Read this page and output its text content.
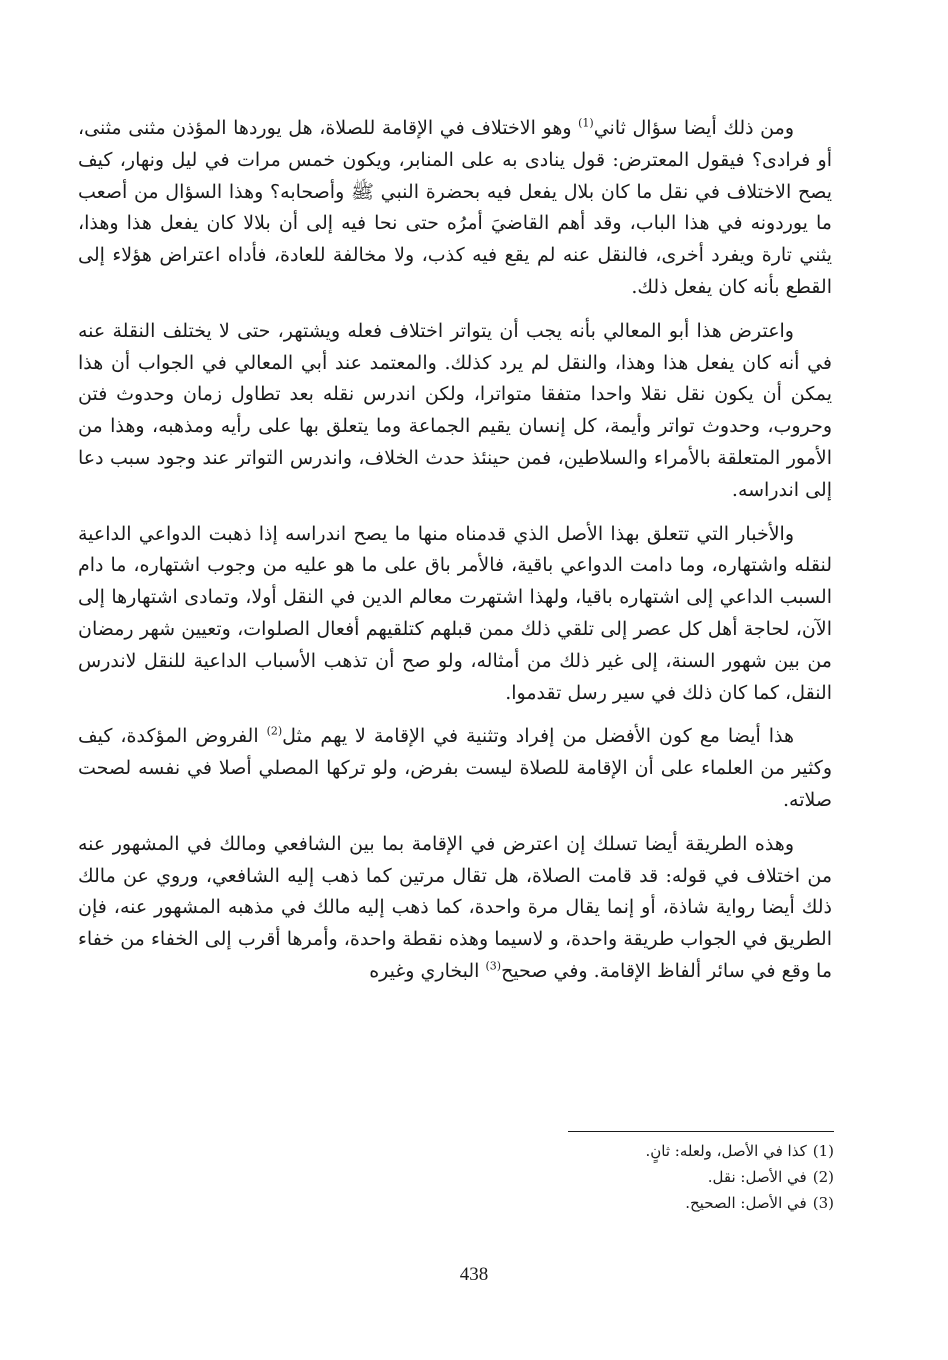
ومن ذلك أيضا سؤال ثاني$^{(1)}$ وهو الاختلاف في الإقامة للصلاة، هل يوردها المؤذن مثنى مثنى، أو فرادى؟ فيقول المعترض: قول ينادى به على المنابر، ويكون خمس مرات في ليل ونهار، كيف يصح الاختلاف في نقل ما كان بلال يفعل فيه بحضرة النبي ﷺ وأصحابه؟ وهذا السؤال من أصعب ما يوردونه في هذا الباب، وقد أهم القاضيَ أمرُه حتى نحا فيه إلى أن بلالا كان يفعل هذا وهذا، يثني تارة ويفرد أخرى، فالنقل عنه لم يقع فيه كذب، ولا مخالفة للعادة، فأداه اعتراض هؤلاء إلى القطع بأنه كان يفعل ذلك.

واعترض هذا أبو المعالي بأنه يجب أن يتواتر اختلاف فعله ويشتهر، حتى لا يختلف النقلة عنه في أنه كان يفعل هذا وهذا، والنقل لم يرد كذلك. والمعتمد عند أبي المعالي في الجواب أن هذا يمكن أن يكون نقل نقلا واحدا متفقا متواترا، ولكن اندرس نقله بعد تطاول زمان وحدوث فتن وحروب، وحدوث تواتر وأيمة، كل إنسان يقيم الجماعة وما يتعلق بها على رأيه ومذهبه، وهذا من الأمور المتعلقة بالأمراء والسلاطين، فمن حينئذ حدث الخلاف، واندرس التواتر عند وجود سبب دعا إلى اندراسه.

والأخبار التي تتعلق بهذا الأصل الذي قدمناه منها ما يصح اندراسه إذا ذهبت الدواعي الداعية لنقله واشتهاره، وما دامت الدواعي باقية، فالأمر باق على ما هو عليه من وجوب اشتهاره، ما دام السبب الداعي إلى اشتهاره باقيا، ولهذا اشتهرت معالم الدين في النقل أولا، وتمادى اشتهارها إلى الآن، لحاجة أهل كل عصر إلى تلقي ذلك ممن قبلهم كتلقيهم أفعال الصلوات، وتعيين شهر رمضان من بين شهور السنة، إلى غير ذلك من أمثاله، ولو صح أن تذهب الأسباب الداعية للنقل لاندرس النقل، كما كان ذلك في سير رسل تقدموا.

هذا أيضا مع كون الأفضل من إفراد وتثنية في الإقامة لا يهم مثل$^{(2)}$ الفروض المؤكدة، كيف وكثير من العلماء على أن الإقامة للصلاة ليست بفرض، ولو تركها المصلي أصلا في نفسه لصحت صلاته.

وهذه الطريقة أيضا تسلك إن اعترض في الإقامة بما بين الشافعي ومالك في المشهور عنه من اختلاف في قوله: قد قامت الصلاة، هل تقال مرتين كما ذهب إليه الشافعي، وروي عن مالك ذلك أيضا رواية شاذة، أو إنما يقال مرة واحدة، كما ذهب إليه مالك في مذهبه المشهور عنه، فإن الطريق في الجواب طريقة واحدة، و لاسيما وهذه نقطة واحدة، وأمرها أقرب إلى الخفاء من خفاء ما وقع في سائر ألفاظ الإقامة. وفي صحيح$^{(3)}$ البخاري وغيره

(1)كذا في الأصل، ولعله: ثانٍ.

(2)في الأصل: نقل.

(3)في الأصل: الصحيح.

438
